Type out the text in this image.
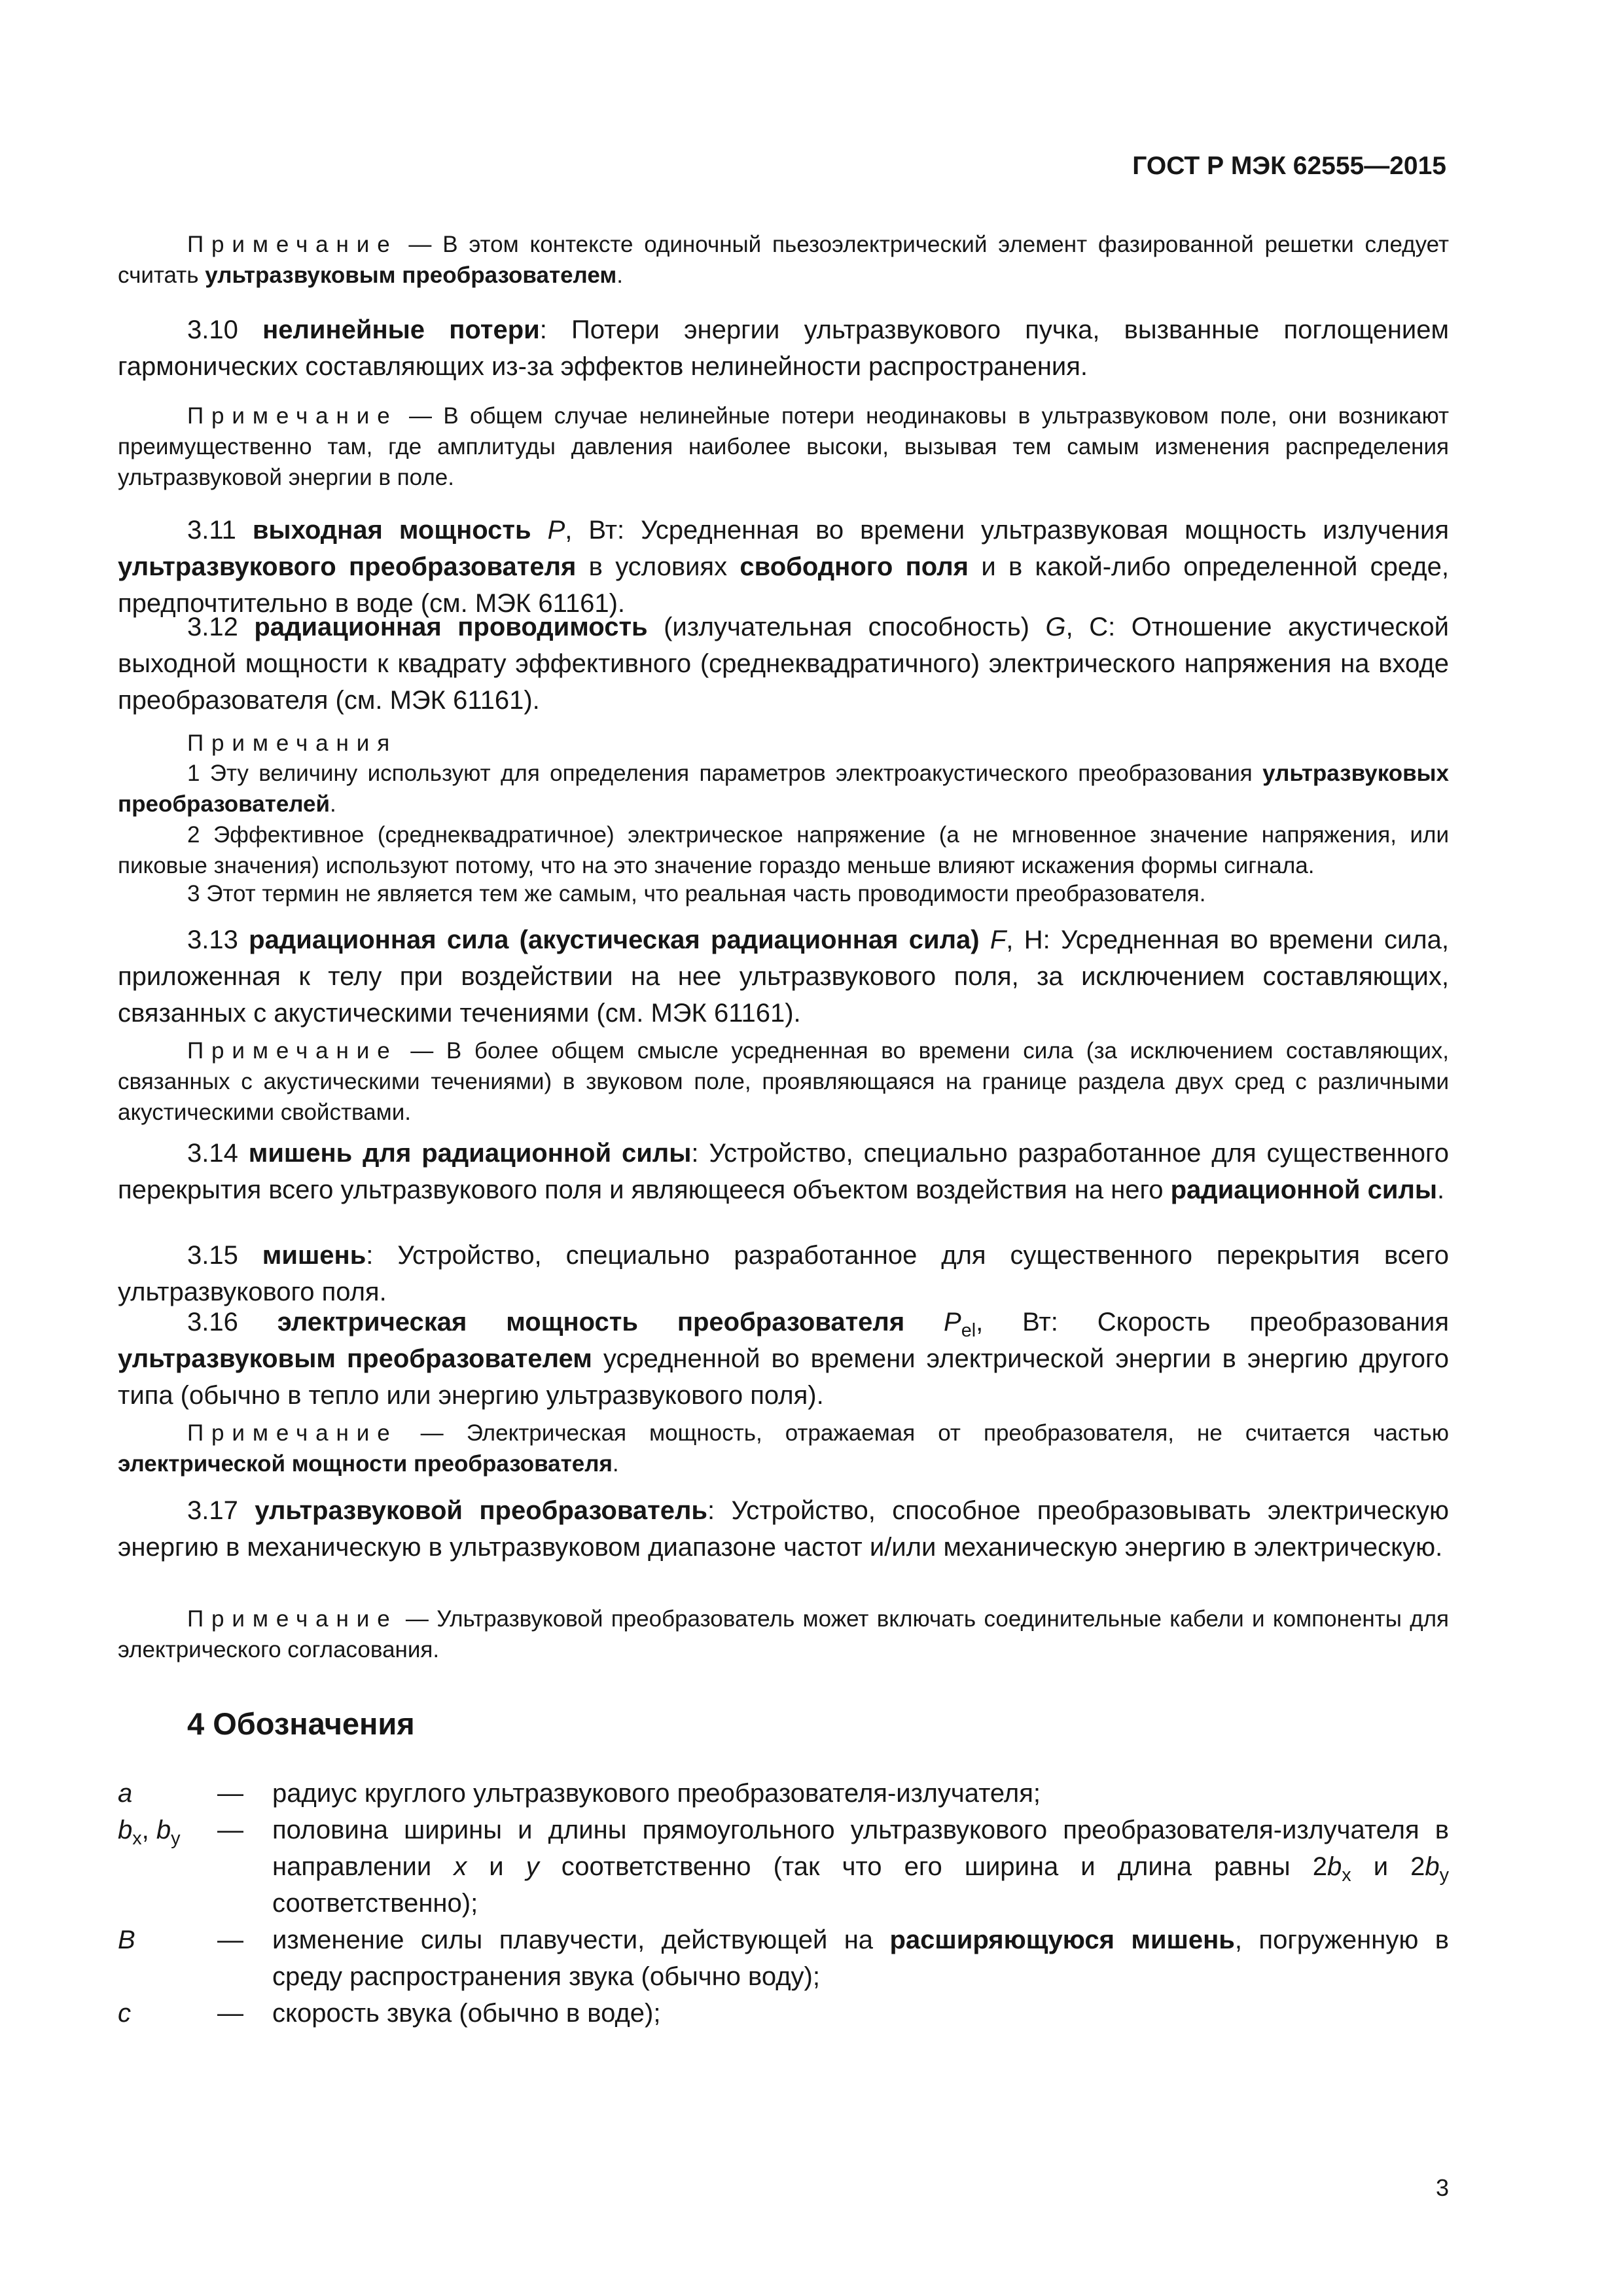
ГОСТ Р МЭК 62555—2015
Примечание — В этом контексте одиночный пьезоэлектрический элемент фазированной решетки следует считать ультразвуковым преобразователем.
3.10 нелинейные потери: Потери энергии ультразвукового пучка, вызванные поглощением гармонических составляющих из-за эффектов нелинейности распространения.
Примечание — В общем случае нелинейные потери неодинаковы в ультразвуковом поле, они возникают преимущественно там, где амплитуды давления наиболее высоки, вызывая тем самым изменения распределения ультразвуковой энергии в поле.
3.11 выходная мощность P, Вт: Усредненная во времени ультразвуковая мощность излучения ультразвукового преобразователя в условиях свободного поля и в какой-либо определенной среде, предпочтительно в воде (см. МЭК 61161).
3.12 радиационная проводимость (излучательная способность) G, С: Отношение акустической выходной мощности к квадрату эффективного (среднеквадратичного) электрического напряжения на входе преобразователя (см. МЭК 61161).
Примечания
1 Эту величину используют для определения параметров электроакустического преобразования ультразвуковых преобразователей.
2 Эффективное (среднеквадратичное) электрическое напряжение (а не мгновенное значение напряжения, или пиковые значения) используют потому, что на это значение гораздо меньше влияют искажения формы сигнала.
3 Этот термин не является тем же самым, что реальная часть проводимости преобразователя.
3.13 радиационная сила (акустическая радиационная сила) F, Н: Усредненная во времени сила, приложенная к телу при воздействии на нее ультразвукового поля, за исключением составляющих, связанных с акустическими течениями (см. МЭК 61161).
Примечание — В более общем смысле усредненная во времени сила (за исключением составляющих, связанных с акустическими течениями) в звуковом поле, проявляющаяся на границе раздела двух сред с различными акустическими свойствами.
3.14 мишень для радиационной силы: Устройство, специально разработанное для существенного перекрытия всего ультразвукового поля и являющееся объектом воздействия на него радиационной силы.
3.15 мишень: Устройство, специально разработанное для существенного перекрытия всего ультразвукового поля.
3.16 электрическая мощность преобразователя $P_{el}$, Вт: Скорость преобразования ультразвуковым преобразователем усредненной во времени электрической энергии в энергию другого типа (обычно в тепло или энергию ультразвукового поля).
Примечание — Электрическая мощность, отражаемая от преобразователя, не считается частью электрической мощности преобразователя.
3.17 ультразвуковой преобразователь: Устройство, способное преобразовывать электрическую энергию в механическую в ультразвуковом диапазоне частот и/или механическую энергию в электрическую.
Примечание — Ультразвуковой преобразователь может включать соединительные кабели и компоненты для электрического согласования.
4 Обозначения
a	— радиус круглого ультразвукового преобразователя-излучателя;
$b_x$, $b_y$ — половина ширины и длины прямоугольного ультразвукового преобразователя-излучателя в направлении x и y соответственно (так что его ширина и длина равны $2b_x$ и $2b_y$ соответственно);
B	— изменение силы плавучести, действующей на расширяющуюся мишень, погруженную в среду распространения звука (обычно воду);
c	— скорость звука (обычно в воде);
3
